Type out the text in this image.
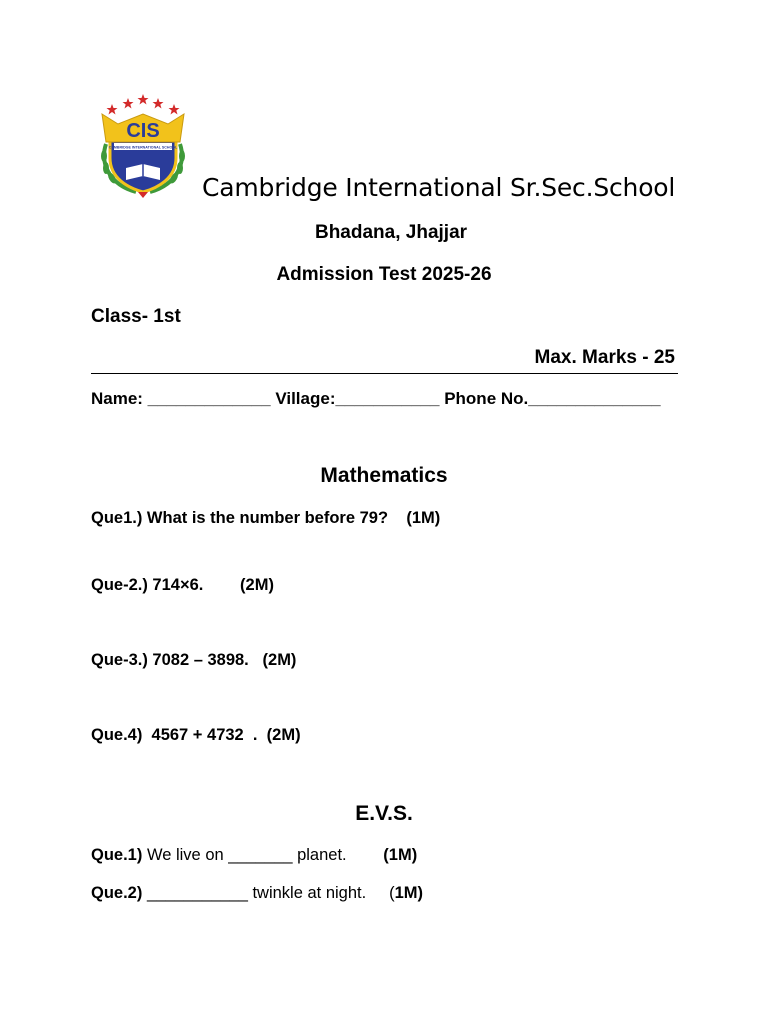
CIS
CAMBRIDGE INTERNATIONAL SCHOOL
Cambridge International Sr.Sec.School
Bhadana, Jhajjar
Admission Test 2025-26
Class- 1st
Max. Marks - 25
Name: _____________ Village:___________ Phone No.______________
Mathematics
Que1.) What is the number before 79?    (1M)
Que-2.) 714×6.        (2M)
Que-3.) 7082 – 3898.   (2M)
Que.4)  4567 + 4732  .  (2M)
E.V.S.
Que.1) We live on _______ planet.        (1M)
Que.2) ___________ twinkle at night.     (1M)
